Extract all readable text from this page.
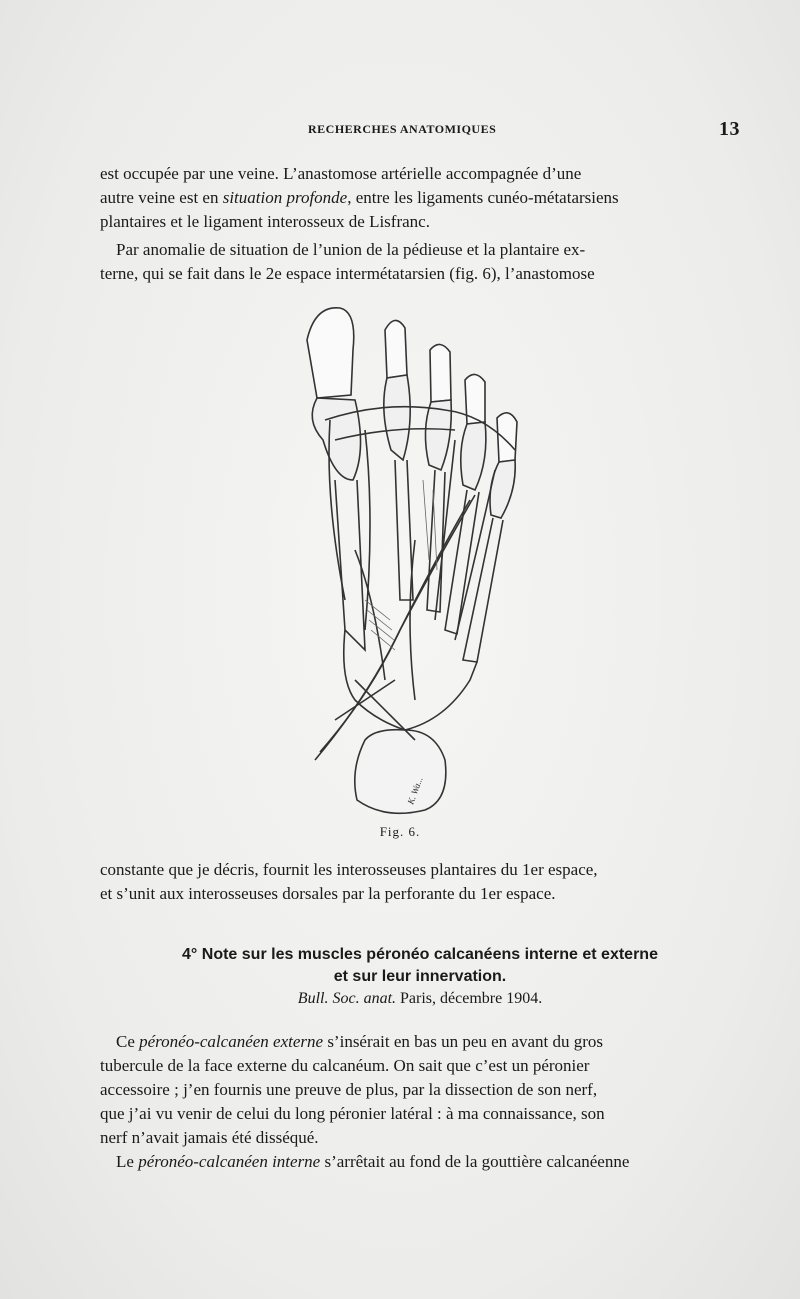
RECHERCHES ANATOMIQUES	13
est occupée par une veine. L’anastomose artérielle accompagnée d’une
autre veine est en situation profonde, entre les ligaments cunéo-métatarsiens
plantaires et le ligament interosseux de Lisfranc.
Par anomalie de situation de l’union de la pédieuse et la plantaire ex-
terne, qui se fait dans le 2e espace intermétatarsien (fig. 6), l’anastomose
K. Wa...
Fig. 6.
constante que je décris, fournit les interosseuses plantaires du 1er espace,
et s’unit aux interosseuses dorsales par la perforante du 1er espace.
4° Note sur les muscles péronéo calcanéens interne et externe
et sur leur innervation.
Bull. Soc. anat. Paris, décembre 1904.
Ce péronéo-calcanéen externe s’insérait en bas un peu en avant du gros
tubercule de la face externe du calcanéum. On sait que c’est un péronier
accessoire ; j’en fournis une preuve de plus, par la dissection de son nerf,
que j’ai vu venir de celui du long péronier latéral : à ma connaissance, son
nerf n’avait jamais été disséqué.
Le péronéo-calcanéen interne s’arrêtait au fond de la gouttière calcanéenne
